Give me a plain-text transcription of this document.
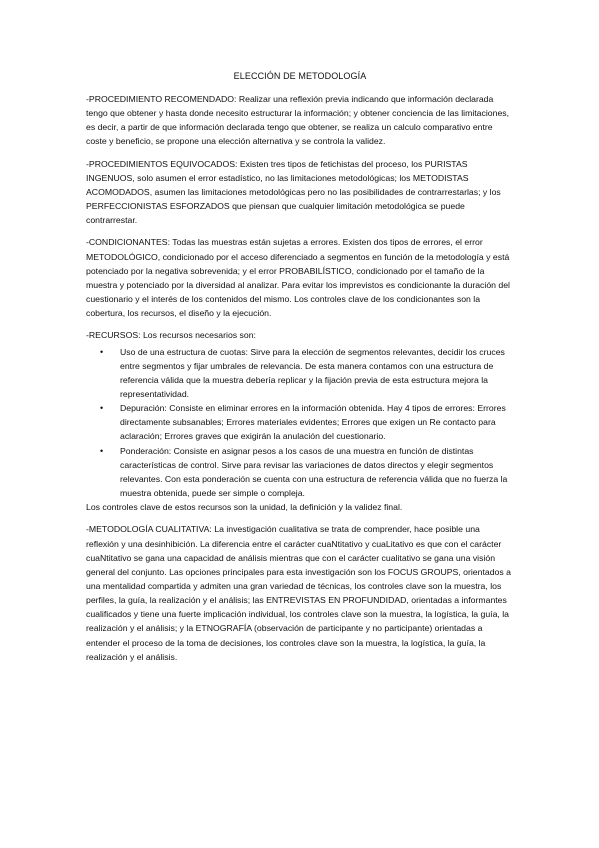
ELECCIÓN DE METODOLOGÍA

-PROCEDIMIENTO RECOMENDADO: Realizar una reflexión previa indicando que información declarada tengo que obtener y hasta donde necesito estructurar la información; y obtener conciencia de las limitaciones, es decir, a partir de que información declarada tengo que obtener, se realiza un calculo comparativo entre coste y beneficio, se propone una elección alternativa y se controla la validez.

-PROCEDIMIENTOS EQUIVOCADOS: Existen tres tipos de fetichistas del proceso, los PURISTAS INGENUOS, solo asumen el error estadístico, no las limitaciones metodológicas; los METODISTAS ACOMODADOS, asumen las limitaciones metodológicas pero no las posibilidades de contrarrestarlas; y los PERFECCIONISTAS ESFORZADOS que piensan que cualquier limitación metodológica se puede contrarrestar.

-CONDICIONANTES: Todas las muestras están sujetas a errores. Existen dos tipos de errores, el error METODOLÓGICO, condicionado por el acceso diferenciado a segmentos en función de la metodología y está potenciado por la negativa sobrevenida; y el error PROBABILÍSTICO, condicionado por el tamaño de la muestra y potenciado por la diversidad al analizar. Para evitar los imprevistos es condicionante la duración del cuestionario y el interés de los contenidos del mismo. Los controles clave de los condicionantes son la cobertura, los recursos, el diseño y la ejecución.

-RECURSOS: Los recursos necesarios son:

• Uso de una estructura de cuotas: Sirve para la elección de segmentos relevantes, decidir los cruces entre segmentos y fijar umbrales de relevancia. De esta manera contamos con una estructura de referencia válida que la muestra debería replicar y la fijación previa de esta estructura mejora la representatividad.
• Depuración: Consiste en eliminar errores en la información obtenida. Hay 4 tipos de errores: Errores directamente subsanables; Errores materiales evidentes; Errores que exigen un Re contacto para aclaración; Errores graves que exigirán la anulación del cuestionario.
• Ponderación: Consiste en asignar pesos a los casos de una muestra en función de distintas características de control. Sirve para revisar las variaciones de datos directos y elegir segmentos relevantes. Con esta ponderación se cuenta con una estructura de referencia válida que no fuerza la muestra obtenida, puede ser simple o compleja.

Los controles clave de estos recursos son la unidad, la definición y la validez final.

-METODOLOGÍA CUALITATIVA: La investigación cualitativa se trata de comprender, hace posible una reflexión y una desinhibición. La diferencia entre el carácter cuaNtitativo y cuaLitativo es que con el carácter cuaNtitativo se gana una capacidad de análisis mientras que con el carácter cualitativo se gana una visión general del conjunto. Las opciones principales para esta investigación son los FOCUS GROUPS, orientados a una mentalidad compartida y admiten una gran variedad de técnicas, los controles clave son la muestra, los perfiles, la guía, la realización y el análisis; las ENTREVISTAS EN PROFUNDIDAD, orientadas a informantes cualificados y tiene una fuerte implicación individual, los controles clave son la muestra, la logística, la guía, la realización y el análisis; y la ETNOGRAFÍA (observación de participante y no participante) orientadas a entender el proceso de la toma de decisiones, los controles clave son la muestra, la logística, la guía, la realización y el análisis.
